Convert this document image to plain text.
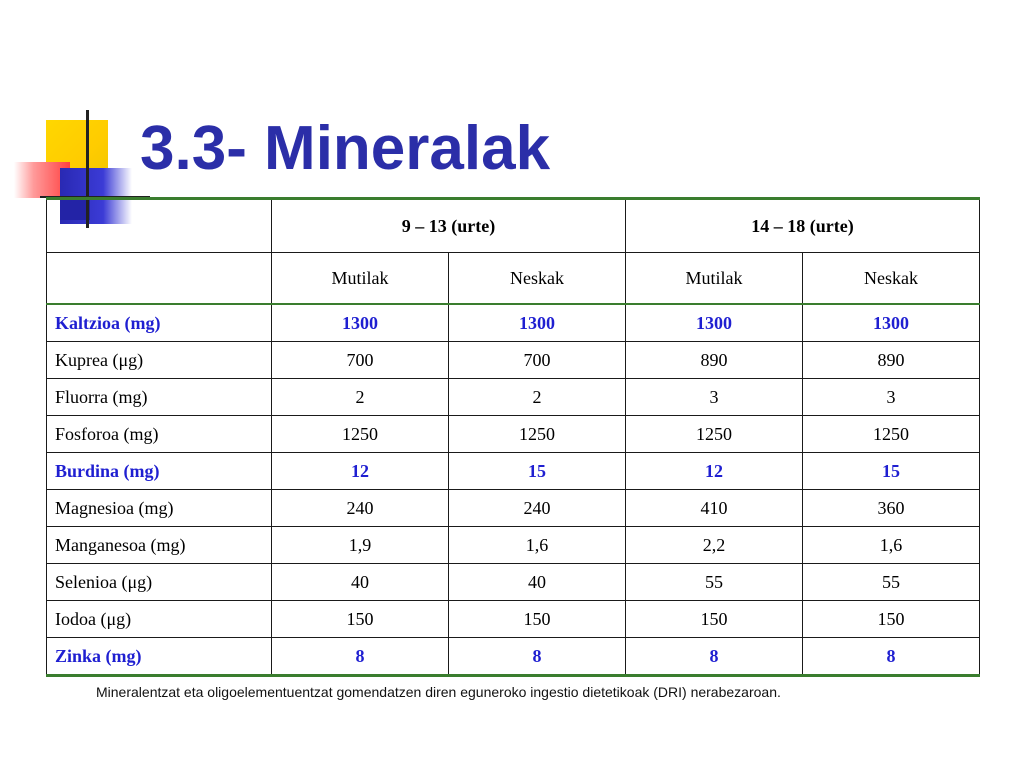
3.3- Mineralak
	9 – 13 (urte)		14 – 18 (urte)	
	Mutilak	Neskak	Mutilak	Neskak
Kaltzioa (mg)	1300	1300	1300	1300
Kuprea (μg)	700	700	890	890
Fluorra (mg)	2	2	3	3
Fosforoa (mg)	1250	1250	1250	1250
Burdina (mg)	12	15	12	15
Magnesioa (mg)	240	240	410	360
Manganesoa (mg)	1,9	1,6	2,2	1,6
Selenioa (μg)	40	40	55	55
Iodoa (μg)	150	150	150	150
Zinka (mg)	8	8	8	8
Mineralentzat eta oligoelementuentzat gomendatzen diren eguneroko ingestio dietetikoak (DRI) nerabezaroan.
